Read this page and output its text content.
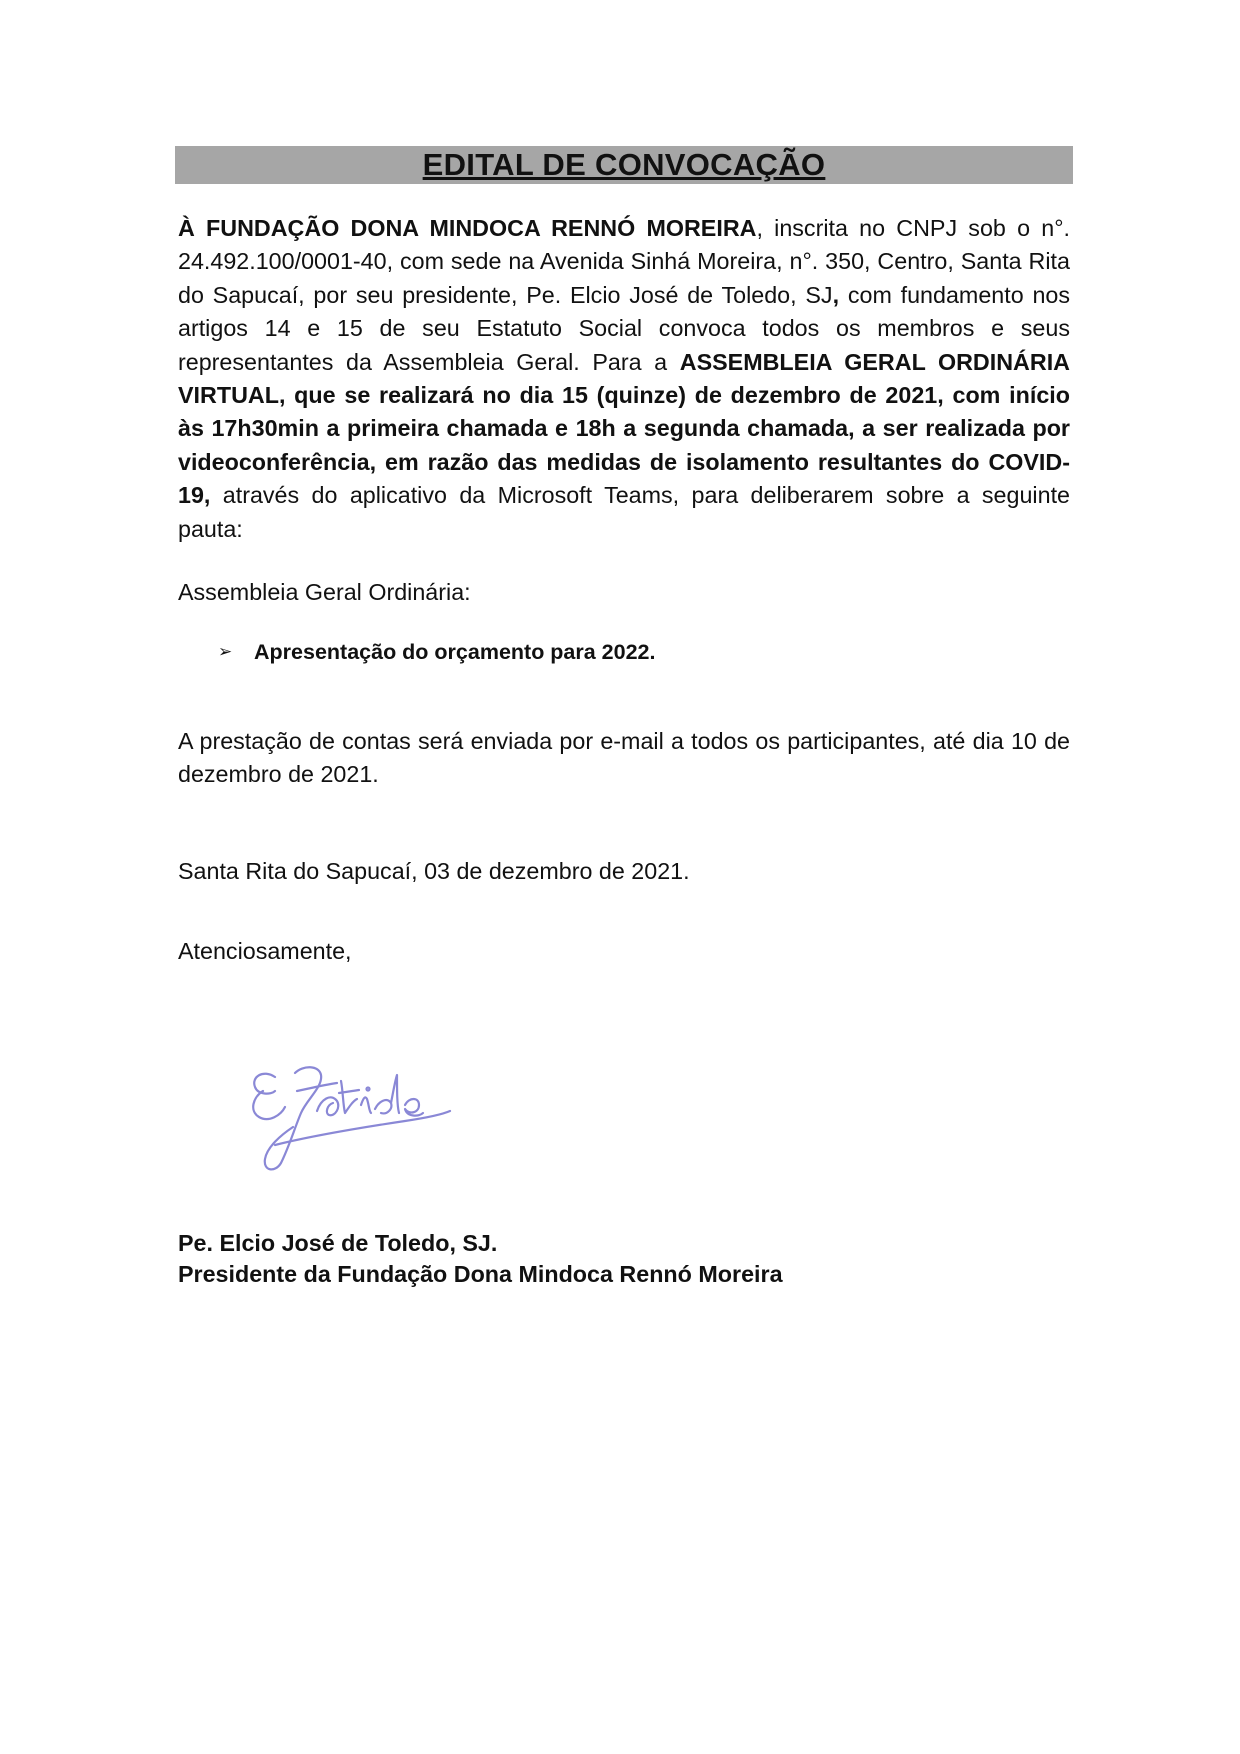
EDITAL DE CONVOCAÇÃO
À FUNDAÇÃO DONA MINDOCA RENNÓ MOREIRA, inscrita no CNPJ sob o n°. 24.492.100/0001-40, com sede na Avenida Sinhá Moreira, n°. 350, Centro, Santa Rita do Sapucaí, por seu presidente, Pe. Elcio José de Toledo, SJ, com fundamento nos artigos 14 e 15 de seu Estatuto Social convoca todos os membros e seus representantes da Assembleia Geral. Para a ASSEMBLEIA GERAL ORDINÁRIA VIRTUAL, que se realizará no dia 15 (quinze) de dezembro de 2021, com início às 17h30min a primeira chamada e 18h a segunda chamada, a ser realizada por videoconferência, em razão das medidas de isolamento resultantes do COVID-19, através do aplicativo da Microsoft Teams, para deliberarem sobre a seguinte pauta:
Assembleia Geral Ordinária:
➢ Apresentação do orçamento para 2022.
A prestação de contas será enviada por e-mail a todos os participantes, até dia 10 de dezembro de 2021.
Santa Rita do Sapucaí, 03 de dezembro de 2021.
Atenciosamente,
Pe. Elcio José de Toledo, SJ.
Presidente da Fundação Dona Mindoca Rennó Moreira
